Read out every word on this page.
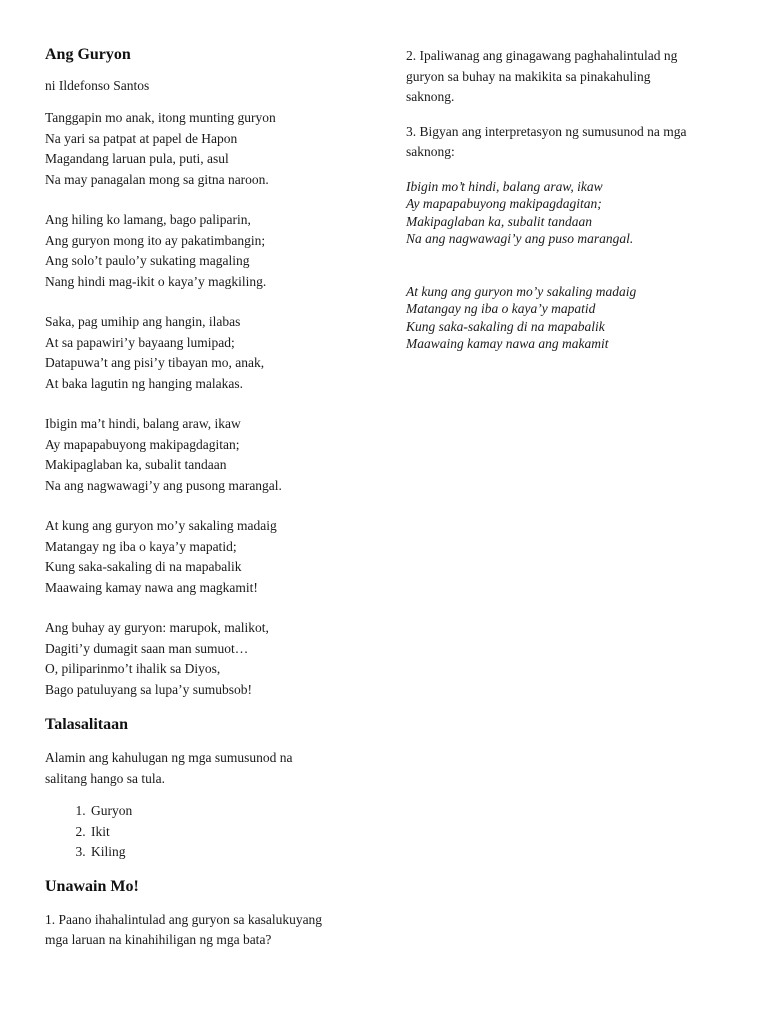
Ang Guryon
ni Ildefonso Santos
Tanggapin mo anak, itong munting guryon
Na yari sa patpat at papel de Hapon
Magandang laruan pula, puti, asul
Na may panagalan mong sa gitna naroon.
Ang hiling ko lamang, bago paliparin,
Ang guryon mong ito ay pakatimbangin;
Ang solo’t paulo’y sukating magaling
Nang hindi mag-ikit o kaya’y magkiling.
Saka, pag umihip ang hangin, ilabas
At sa papawiri’y bayaang lumipad;
Datapuwa’t ang pisi’y tibayan mo, anak,
At baka lagutin ng hanging malakas.
Ibigin ma’t hindi, balang araw, ikaw
Ay mapapabuyong makipagdagitan;
Makipaglaban ka, subalit tandaan
Na ang nagwawagi’y ang pusong marangal.
At kung ang guryon mo’y sakaling madaig
Matangay ng iba o kaya’y mapatid;
Kung saka-sakaling di na mapabalik
Maawaing kamay nawa ang magkamit!
Ang buhay ay guryon: marupok, malikot,
Dagiti’y dumagit saan man sumuot…
O, piliparinmo’t ihalik sa Diyos,
Bago patuluyang sa lupa’y sumubsob!
Talasalitaan
Alamin ang kahulugan ng mga sumusunod na
salitang hango sa tula.
1. Guryon
2. Ikit
3. Kiling
Unawain Mo!
1. Paano ihahalintulad ang guryon sa kasalukuyang
mga laruan na kinahihiligan ng mga bata?
2. Ipaliwanag ang ginagawang paghahalintulad ng
guryon sa buhay na makikita sa pinakahuling
saknong.
3. Bigyan ang interpretasyon ng sumusunod na mga
saknong:
Ibigin mo’t hindi, balang araw, ikaw
Ay mapapabuyong makipagdagitan;
Makipaglaban ka, subalit tandaan
Na ang nagwawagi’y ang puso marangal.
At kung ang guryon mo’y sakaling madaig
Matangay ng iba o kaya’y mapatid
Kung saka-sakaling di na mapabalik
Maawaing kamay nawa ang makamit
